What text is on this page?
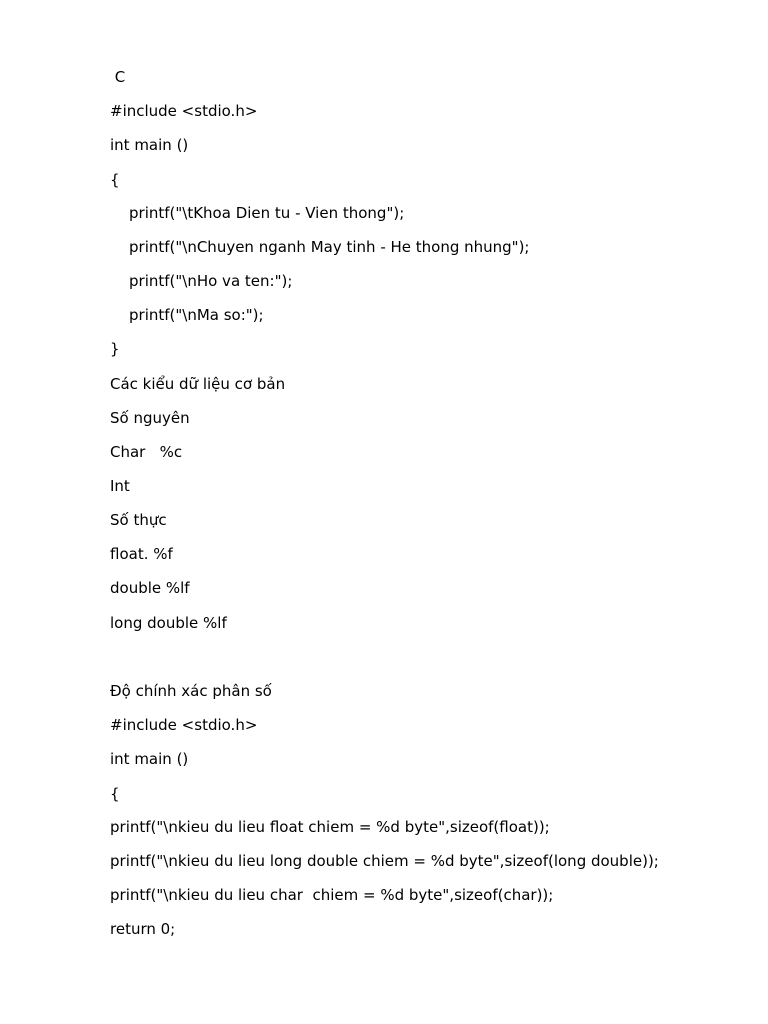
C

#include <stdio.h>

int main ()

{

printf("\tKhoa Dien tu - Vien thong");

printf("\nChuyen nganh May tinh - He thong nhung");

printf("\nHo va ten:");

printf("\nMa so:");

}

Các kiểu dữ liệu cơ bản

Số nguyên

Char   %c

Int

Số thực

float. %f

double %lf

long double %lf

Độ chính xác phân số

#include <stdio.h>

int main ()

{

printf("\nkieu du lieu float chiem = %d byte",sizeof(float));

printf("\nkieu du lieu long double chiem = %d byte",sizeof(long double));

printf("\nkieu du lieu char  chiem = %d byte",sizeof(char));

return 0;
